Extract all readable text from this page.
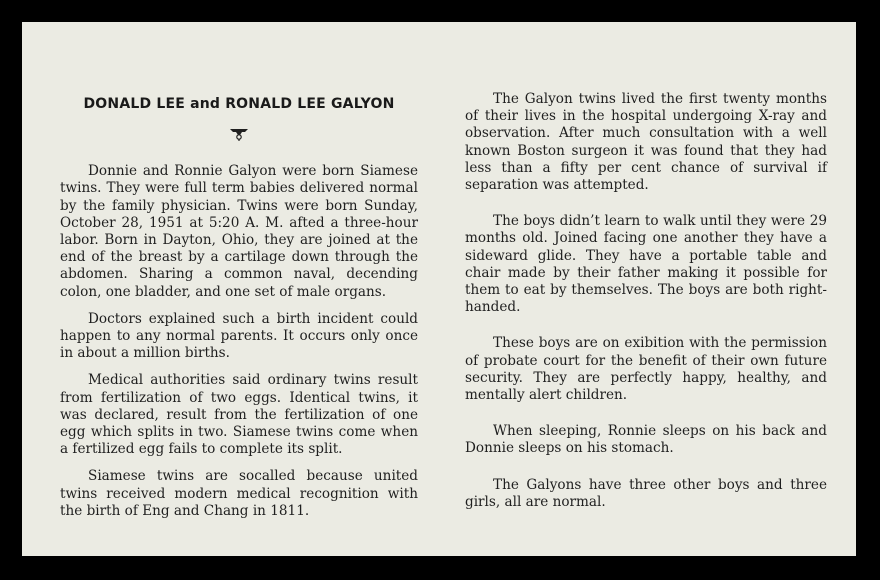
DONALD LEE and RONALD LEE GALYON

Donnie and Ronnie Galyon were born Siamese twins. They were full term babies delivered normal by the family physician. Twins were born Sunday, October 28, 1951 at 5:20 A. M. afted a three-hour labor. Born in Dayton, Ohio, they are joined at the end of the breast by a cartilage down through the abdomen. Sharing a common naval, decending colon, one bladder, and one set of male organs.

Doctors explained such a birth incident could happen to any normal parents. It occurs only once in about a million births.

Medical authorities said ordinary twins result from fertilization of two eggs. Identical twins, it was declared, result from the fertilization of one egg which splits in two. Siamese twins come when a fertilized egg fails to complete its split.

Siamese twins are socalled because united twins received modern medical recognition with the birth of Eng and Chang in 1811.

The Galyon twins lived the first twenty months of their lives in the hospital undergoing X-ray and observation. After much consultation with a well known Boston surgeon it was found that they had less than a fifty per cent chance of survival if separation was attempted.

The boys didn’t learn to walk until they were 29 months old. Joined facing one another they have a sideward glide. They have a portable table and chair made by their father making it possible for them to eat by themselves. The boys are both right-handed.

These boys are on exibition with the permission of probate court for the benefit of their own future security. They are perfectly happy, healthy, and mentally alert children.

When sleeping, Ronnie sleeps on his back and Donnie sleeps on his stomach.

The Galyons have three other boys and three girls, all are normal.
